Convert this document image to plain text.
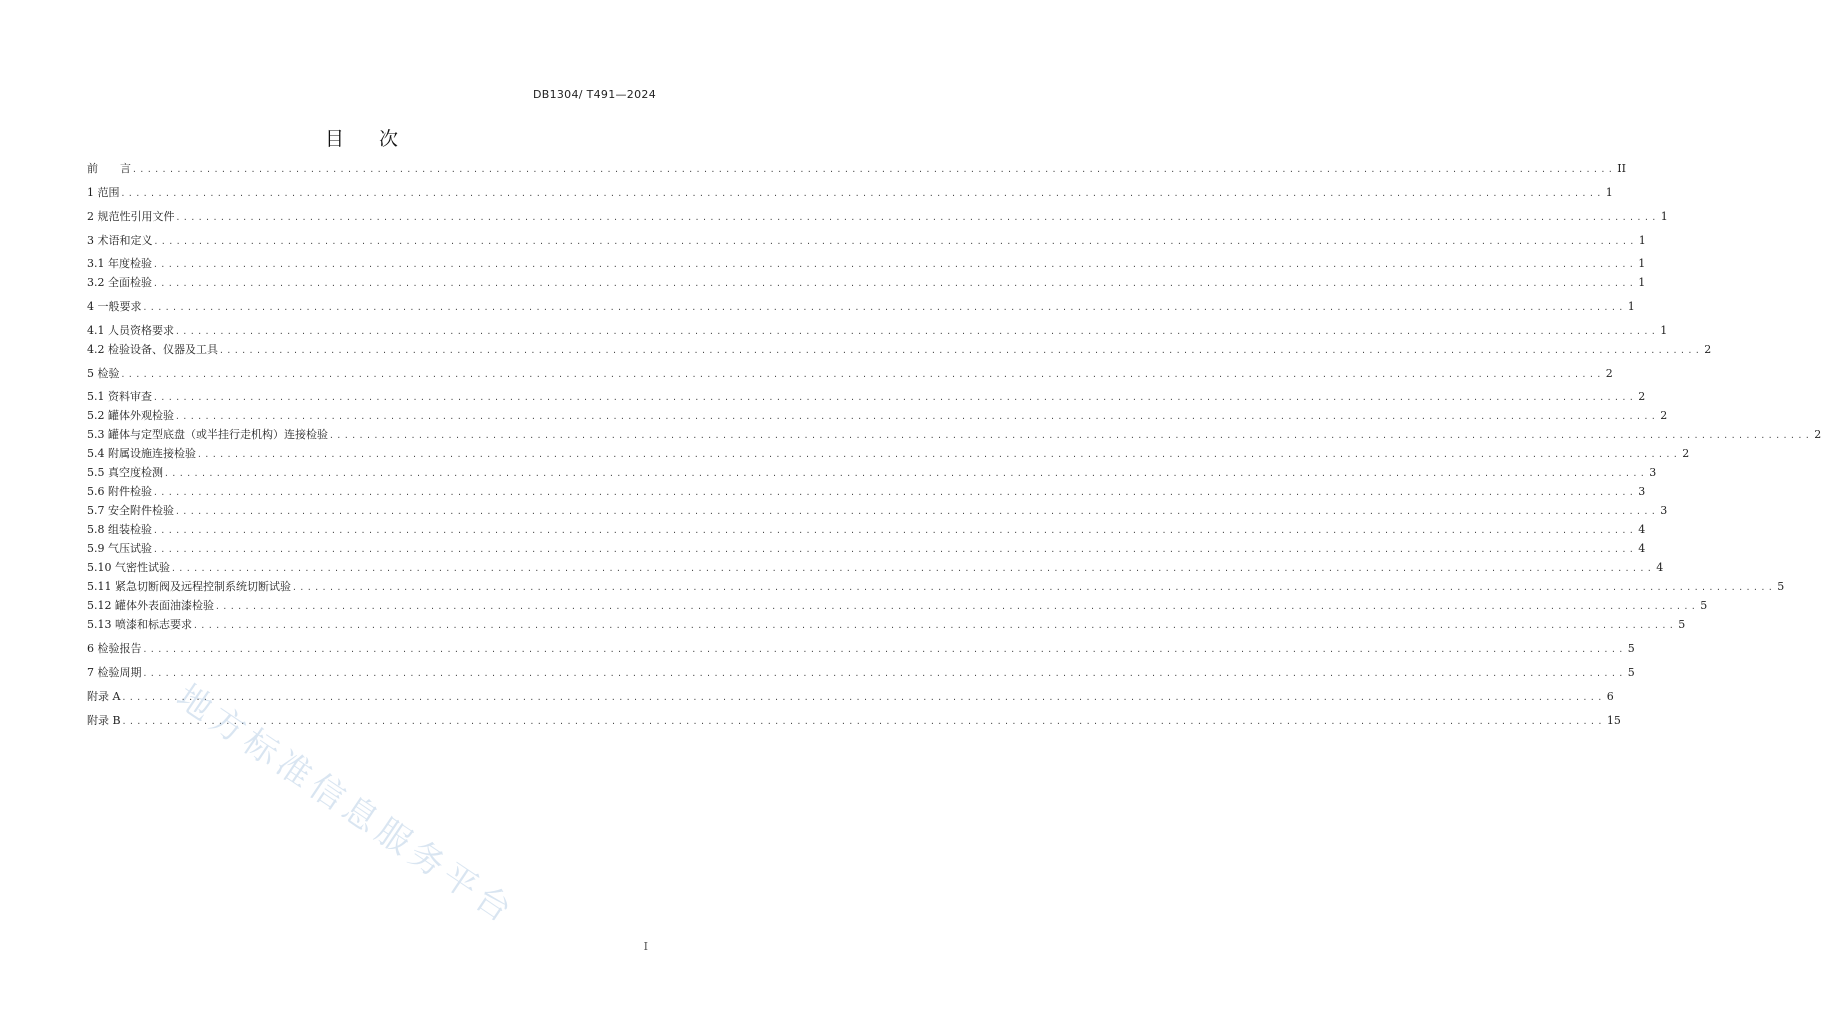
DB1304/ T491—2024
目 次
前　　言 ........................................................................................................................................................................................................ II
1 范围 ........................................................................................................................................................................................................ 1
2 规范性引用文件 ........................................................................................................................................................................................................ 1
3 术语和定义 ........................................................................................................................................................................................................ 1
3.1 年度检验 ........................................................................................................................................................................................................ 1
3.2 全面检验 ........................................................................................................................................................................................................ 1
4 一般要求 ........................................................................................................................................................................................................ 1
4.1 人员资格要求 ........................................................................................................................................................................................................ 1
4.2 检验设备、仪器及工具 ........................................................................................................................................................................................................ 2
5 检验 ........................................................................................................................................................................................................ 2
5.1 资料审查 ........................................................................................................................................................................................................ 2
5.2 罐体外观检验 ........................................................................................................................................................................................................ 2
5.3 罐体与定型底盘（或半挂行走机构）连接检验 ........................................................................................................................................................................................................ 2
5.4 附属设施连接检验 ........................................................................................................................................................................................................ 2
5.5 真空度检测 ........................................................................................................................................................................................................ 3
5.6 附件检验 ........................................................................................................................................................................................................ 3
5.7 安全附件检验 ........................................................................................................................................................................................................ 3
5.8 组装检验 ........................................................................................................................................................................................................ 4
5.9 气压试验 ........................................................................................................................................................................................................ 4
5.10 气密性试验 ........................................................................................................................................................................................................ 4
5.11 紧急切断阀及远程控制系统切断试验 ........................................................................................................................................................................................................ 5
5.12 罐体外表面油漆检验 ........................................................................................................................................................................................................ 5
5.13 喷漆和标志要求 ........................................................................................................................................................................................................ 5
6 检验报告 ........................................................................................................................................................................................................ 5
7 检验周期 ........................................................................................................................................................................................................ 5
附录 A ........................................................................................................................................................................................................ 6
附录 B ........................................................................................................................................................................................................ 15
地方标准信息服务平台
I
